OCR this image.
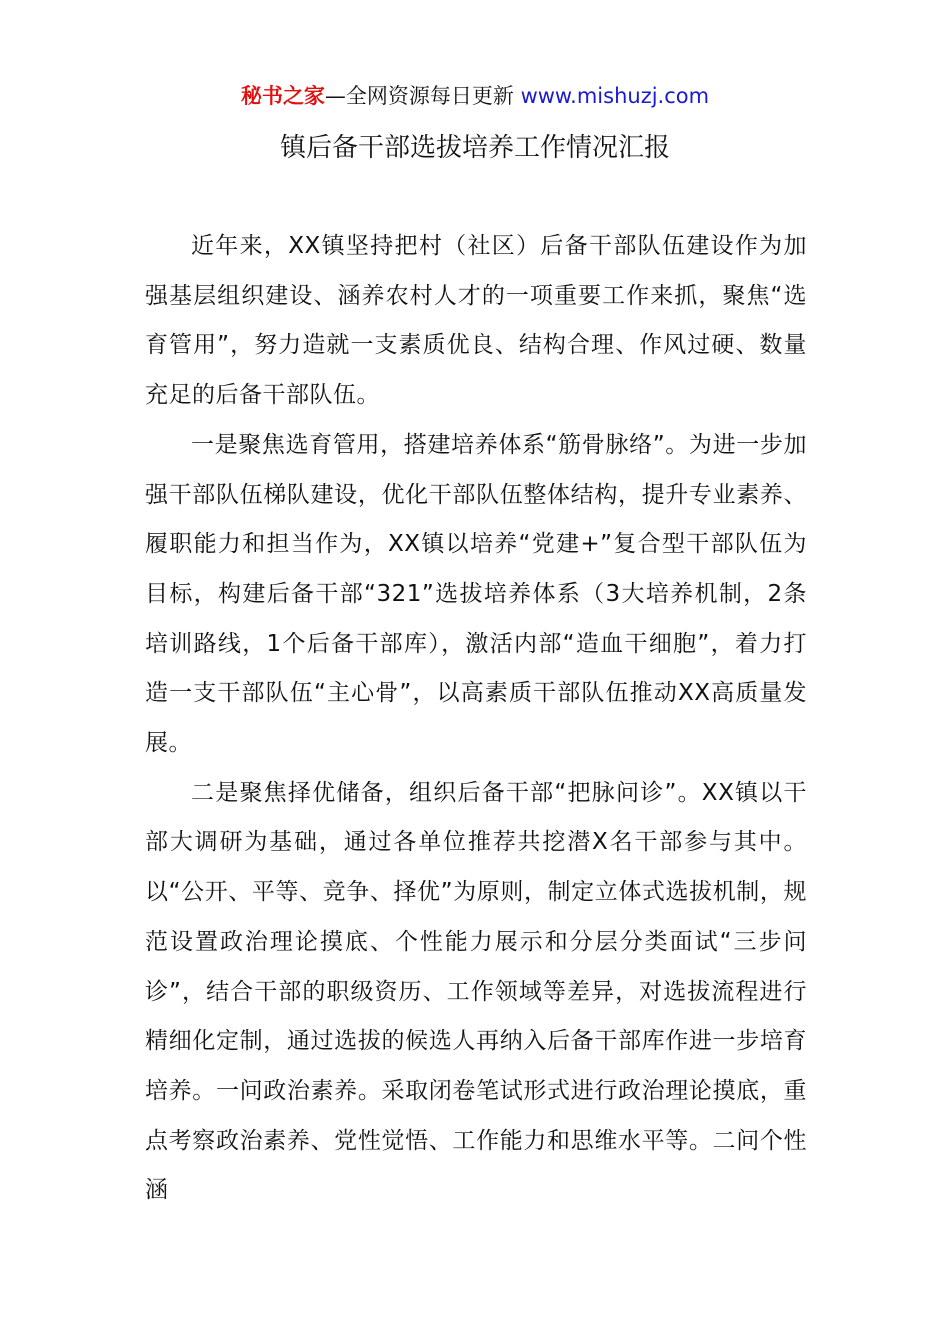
秘书之家—全网资源每日更新 www.mishuzj.com
镇后备干部选拔培养工作情况汇报

近年来，XX镇坚持把村（社区）后备干部队伍建设作为加强基层组织建设、涵养农村人才的一项重要工作来抓，聚焦“选育管用”，努力造就一支素质优良、结构合理、作风过硬、数量充足的后备干部队伍。

一是聚焦选育管用，搭建培养体系“筋骨脉络”。为进一步加强干部队伍梯队建设，优化干部队伍整体结构，提升专业素养、履职能力和担当作为，XX镇以培养“党建+”复合型干部队伍为目标，构建后备干部“321”选拔培养体系（3大培养机制，2条培训路线，1个后备干部库），激活内部“造血干细胞”，着力打造一支干部队伍“主心骨”，以高素质干部队伍推动XX高质量发展。

二是聚焦择优储备，组织后备干部“把脉问诊”。XX镇以干部大调研为基础，通过各单位推荐共挖潜X名干部参与其中。以“公开、平等、竞争、择优”为原则，制定立体式选拔机制，规范设置政治理论摸底、个性能力展示和分层分类面试“三步问诊”，结合干部的职级资历、工作领域等差异，对选拔流程进行精细化定制，通过选拔的候选人再纳入后备干部库作进一步培育培养。一问政治素养。采取闭卷笔试形式进行政治理论摸底，重点考察政治素养、党性觉悟、工作能力和思维水平等。二问个性涵
